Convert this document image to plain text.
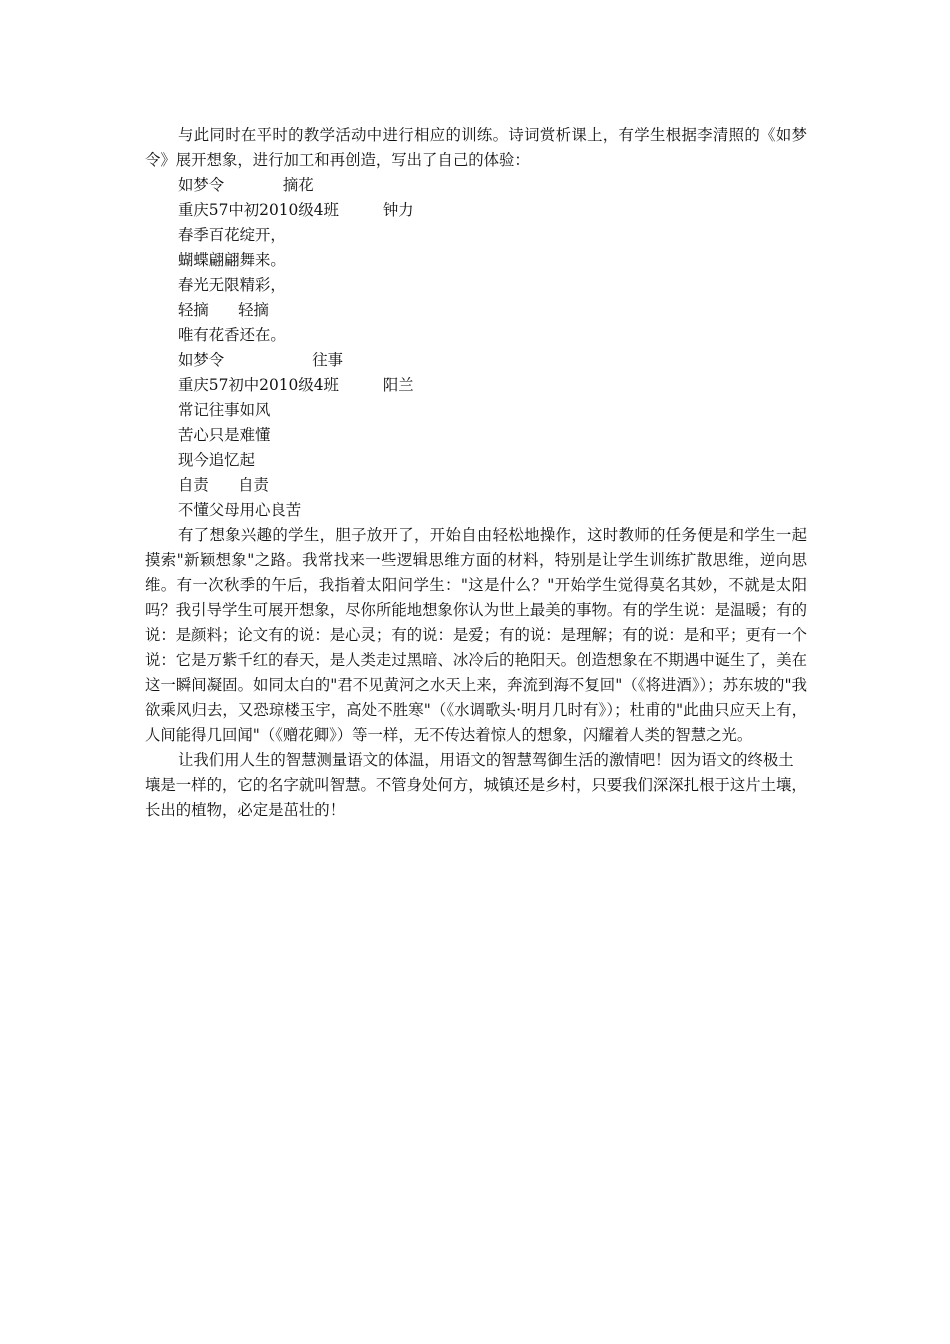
与此同时在平时的教学活动中进行相应的训练。诗词赏析课上，有学生根据李清照的《如梦令》展开想象，进行加工和再创造，写出了自己的体验：

如梦令            摘花

重庆57中初2010级4班         钟力

春季百花绽开，

蝴蝶翩翩舞来。

春光无限精彩，

轻摘      轻摘

唯有花香还在。

如梦令                  往事

重庆57初中2010级4班         阳兰

常记往事如风

苦心只是难懂

现今追忆起

自责      自责

不懂父母用心良苦

有了想象兴趣的学生，胆子放开了，开始自由轻松地操作，这时教师的任务便是和学生一起摸索"新颖想象"之路。我常找来一些逻辑思维方面的材料，特别是让学生训练扩散思维，逆向思维。有一次秋季的午后，我指着太阳问学生："这是什么？"开始学生觉得莫名其妙，不就是太阳吗？我引导学生可展开想象，尽你所能地想象你认为世上最美的事物。有的学生说：是温暖；有的说：是颜料；论文有的说：是心灵；有的说：是爱；有的说：是理解；有的说：是和平；更有一个说：它是万紫千红的春天，是人类走过黑暗、冰冷后的艳阳天。创造想象在不期遇中诞生了，美在这一瞬间凝固。如同太白的"君不见黄河之水天上来，奔流到海不复回"（《将进酒》）；苏东坡的"我欲乘风归去，又恐琼楼玉宇，高处不胜寒"（《水调歌头·明月几时有》）；杜甫的"此曲只应天上有，人间能得几回闻"（《赠花卿》）等一样，无不传达着惊人的想象，闪耀着人类的智慧之光。

让我们用人生的智慧测量语文的体温，用语文的智慧驾御生活的激情吧！因为语文的终极土壤是一样的，它的名字就叫智慧。不管身处何方，城镇还是乡村，只要我们深深扎根于这片土壤，长出的植物，必定是茁壮的！
